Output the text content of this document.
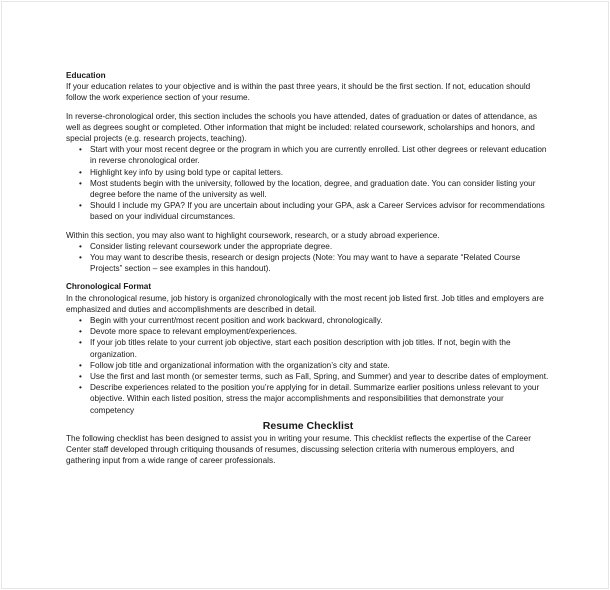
Education

If your education relates to your objective and is within the past three years, it should be the first section. If not, education should follow the work experience section of your resume.

In reverse-chronological order, this section includes the schools you have attended, dates of graduation or dates of attendance, as well as degrees sought or completed. Other information that might be included: related coursework, scholarships and honors, and special projects (e.g. research projects, teaching).

• Start with your most recent degree or the program in which you are currently enrolled. List other degrees or relevant education in reverse chronological order.
• Highlight key info by using bold type or capital letters.
• Most students begin with the university, followed by the location, degree, and graduation date. You can consider listing your degree before the name of the university as well.
• Should I include my GPA? If you are uncertain about including your GPA, ask a Career Services advisor for recommendations based on your individual circumstances.

Within this section, you may also want to highlight coursework, research, or a study abroad experience.

• Consider listing relevant coursework under the appropriate degree.
• You may want to describe thesis, research or design projects (Note: You may want to have a separate “Related Course Projects” section – see examples in this handout).

Chronological Format

In the chronological resume, job history is organized chronologically with the most recent job listed first. Job titles and employers are emphasized and duties and accomplishments are described in detail.

• Begin with your current/most recent position and work backward, chronologically.
• Devote more space to relevant employment/experiences.
• If your job titles relate to your current job objective, start each position description with job titles. If not, begin with the organization.
• Follow job title and organizational information with the organization’s city and state.
• Use the first and last month (or semester terms, such as Fall, Spring, and Summer) and year to describe dates of employment.
• Describe experiences related to the position you’re applying for in detail. Summarize earlier positions unless relevant to your objective. Within each listed position, stress the major accomplishments and responsibilities that demonstrate your competency

Resume Checklist

The following checklist has been designed to assist you in writing your resume. This checklist reflects the expertise of the Career Center staff developed through critiquing thousands of resumes, discussing selection criteria with numerous employers, and gathering input from a wide range of career professionals.
